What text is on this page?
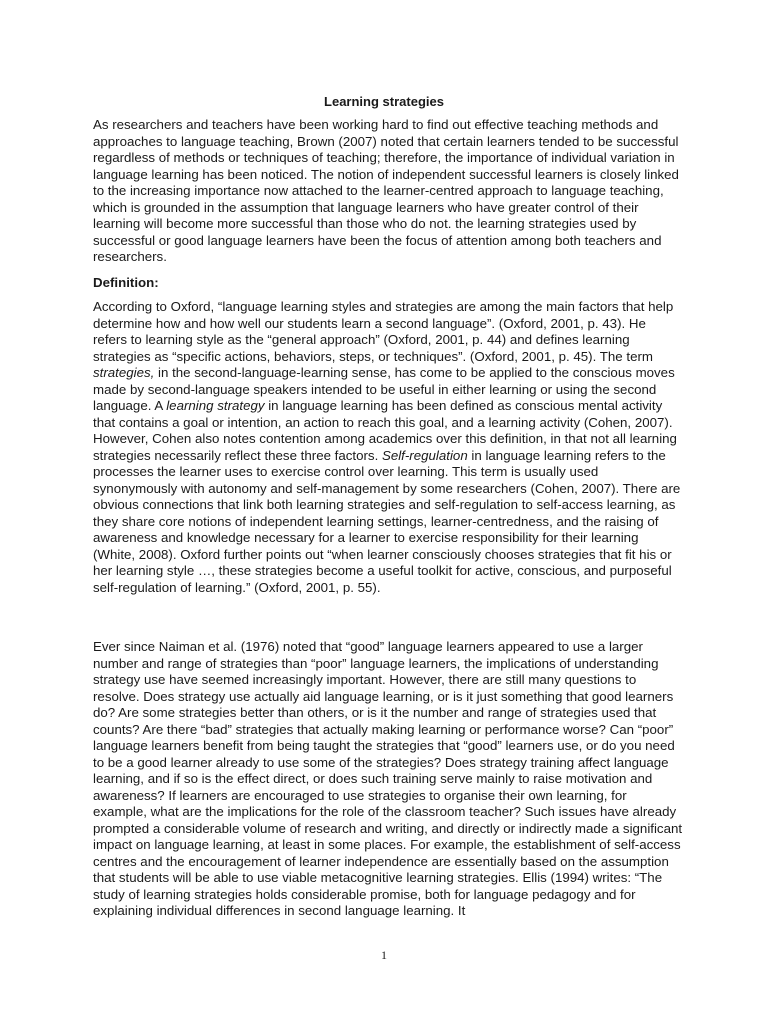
Learning strategies

As researchers and teachers have been working hard to find out effective teaching methods and approaches to language teaching, Brown (2007) noted that certain learners tended to be successful regardless of methods or techniques of teaching; therefore, the importance of individual variation in language learning has been noticed. The notion of independent successful learners is closely linked to the increasing importance now attached to the learner-centred approach to language teaching, which is grounded in the assumption that language learners who have greater control of their learning will become more successful than those who do not. the learning strategies used by successful or good language learners have been the focus of attention among both teachers and researchers.

Definition:

According to Oxford, “language learning styles and strategies are among the main factors that help determine how and how well our students learn a second language”. (Oxford, 2001, p. 43). He refers to learning style as the “general approach” (Oxford, 2001, p. 44) and defines learning strategies as “specific actions, behaviors, steps, or techniques”. (Oxford, 2001, p. 45). The term strategies, in the second-language-learning sense, has come to be applied to the conscious moves made by second-language speakers intended to be useful in either learning or using the second language. A learning strategy in language learning has been defined as conscious mental activity that contains a goal or intention, an action to reach this goal, and a learning activity (Cohen, 2007). However, Cohen also notes contention among academics over this definition, in that not all learning strategies necessarily reflect these three factors. Self-regulation in language learning refers to the processes the learner uses to exercise control over learning. This term is usually used synonymously with autonomy and self-management by some researchers (Cohen, 2007). There are obvious connections that link both learning strategies and self-regulation to self-access learning, as they share core notions of independent learning settings, learner-centredness, and the raising of awareness and knowledge necessary for a learner to exercise responsibility for their learning (White, 2008). Oxford further points out “when learner consciously chooses strategies that fit his or her learning style …, these strategies become a useful toolkit for active, conscious, and purposeful self-regulation of learning.” (Oxford, 2001, p. 55).

Ever since Naiman et al. (1976) noted that “good” language learners appeared to use a larger number and range of strategies than “poor” language learners, the implications of understanding strategy use have seemed increasingly important. However, there are still many questions to resolve. Does strategy use actually aid language learning, or is it just something that good learners do? Are some strategies better than others, or is it the number and range of strategies used that counts? Are there “bad” strategies that actually making learning or performance worse? Can “poor” language learners benefit from being taught the strategies that “good” learners use, or do you need to be a good learner already to use some of the strategies? Does strategy training affect language learning, and if so is the effect direct, or does such training serve mainly to raise motivation and awareness? If learners are encouraged to use strategies to organise their own learning, for example, what are the implications for the role of the classroom teacher? Such issues have already prompted a considerable volume of research and writing, and directly or indirectly made a significant impact on language learning, at least in some places. For example, the establishment of self-access centres and the encouragement of learner independence are essentially based on the assumption that students will be able to use viable metacognitive learning strategies. Ellis (1994) writes: “The study of learning strategies holds considerable promise, both for language pedagogy and for explaining individual differences in second language learning. It

1
